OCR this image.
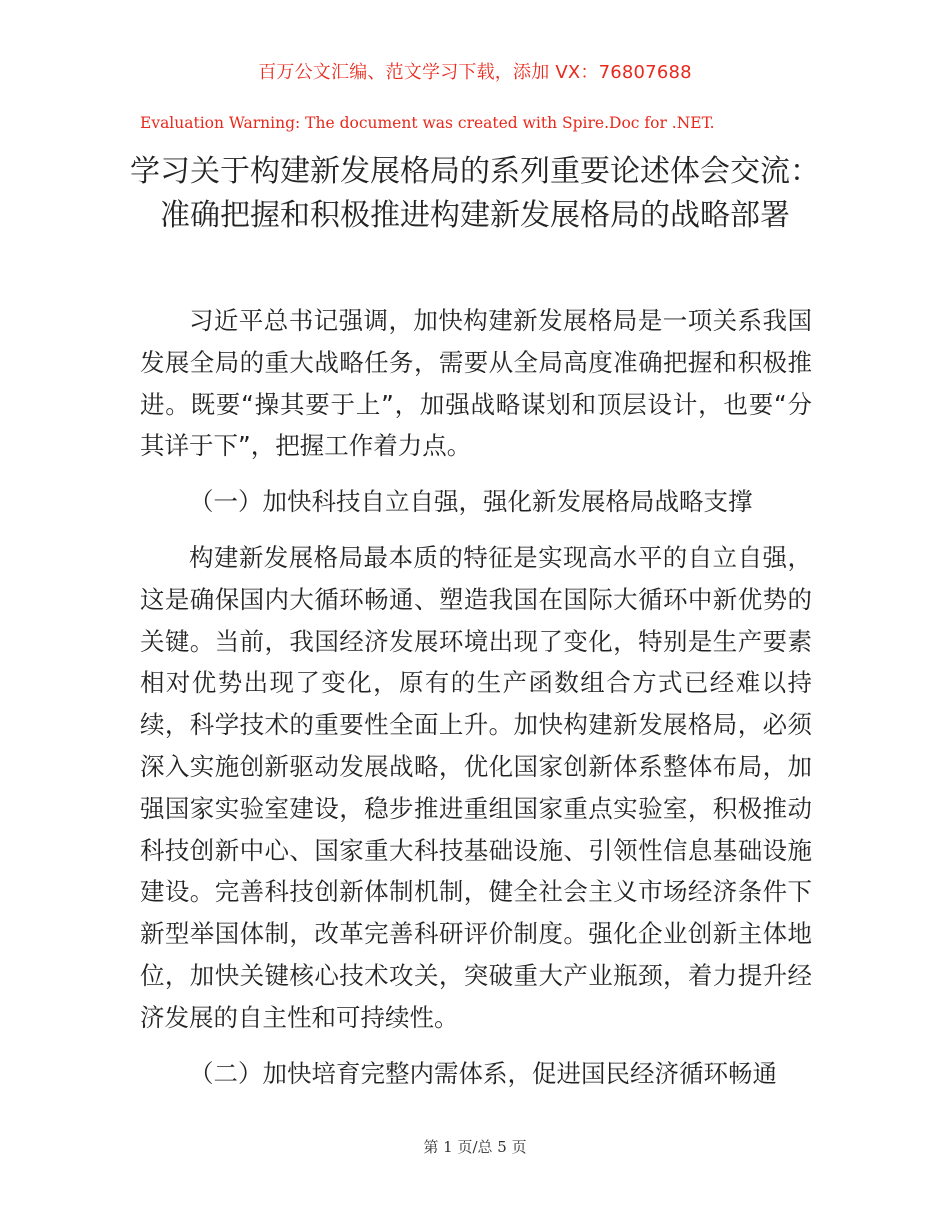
百万公文汇编、范文学习下载，添加 VX：76807688
Evaluation Warning: The document was created with Spire.Doc for .NET.
学习关于构建新发展格局的系列重要论述体会交流：准确把握和积极推进构建新发展格局的战略部署

习近平总书记强调，加快构建新发展格局是一项关系我国发展全局的重大战略任务，需要从全局高度准确把握和积极推进。既要“操其要于上”，加强战略谋划和顶层设计，也要“分其详于下”，把握工作着力点。

（一）加快科技自立自强，强化新发展格局战略支撑

构建新发展格局最本质的特征是实现高水平的自立自强，这是确保国内大循环畅通、塑造我国在国际大循环中新优势的关键。当前，我国经济发展环境出现了变化，特别是生产要素相对优势出现了变化，原有的生产函数组合方式已经难以持续，科学技术的重要性全面上升。加快构建新发展格局，必须深入实施创新驱动发展战略，优化国家创新体系整体布局，加强国家实验室建设，稳步推进重组国家重点实验室，积极推动科技创新中心、国家重大科技基础设施、引领性信息基础设施建设。完善科技创新体制机制，健全社会主义市场经济条件下新型举国体制，改革完善科研评价制度。强化企业创新主体地位，加快关键核心技术攻关，突破重大产业瓶颈，着力提升经济发展的自主性和可持续性。

（二）加快培育完整内需体系，促进国民经济循环畅通

第 1 页/总 5 页
